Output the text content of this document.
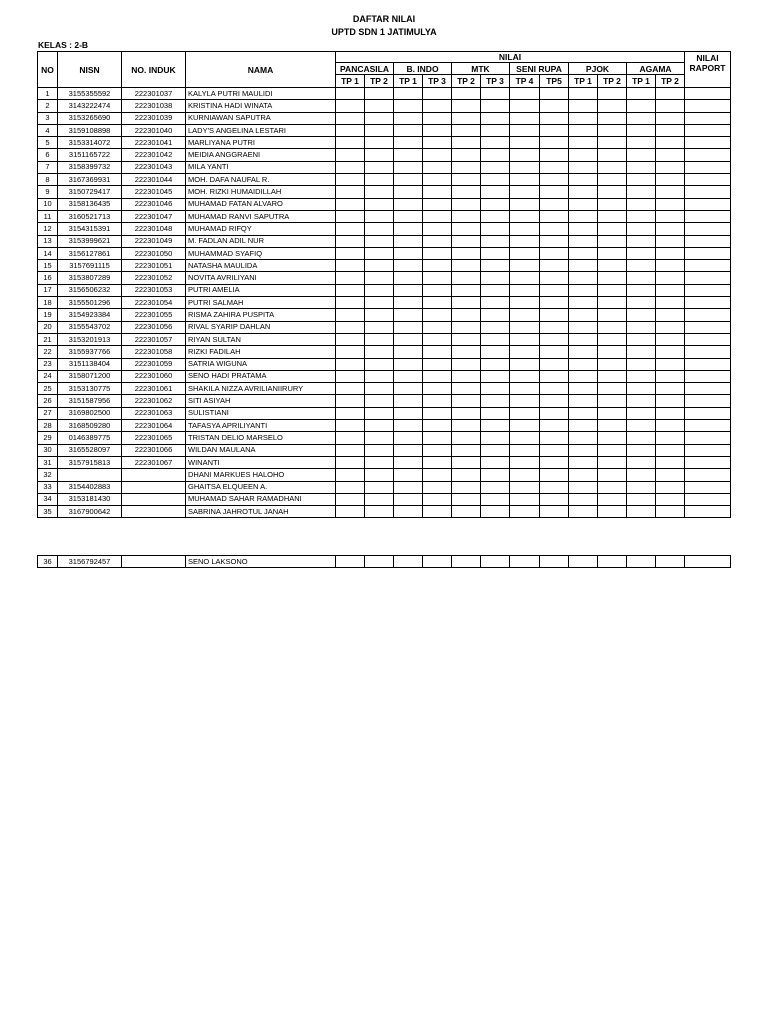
DAFTAR NILAI
UPTD SDN 1 JATIMULYA
KELAS : 2-B
NO	NISN	NO. INDUK	NAMA	NILAI												NILAI
RAPORT

				PANCASILA		B. INDO		MTK		SENI RUPA		PJOK		AGAMA		
				TP 1	TP 2	TP 1	TP 3	TP 2	TP 3	TP 4	TP5	TP 1	TP 2	TP 1	TP 2	
1	3155355592	222301037	KALYLA PUTRI MAULIDI													
2	3143222474	222301038	KRISTINA HADI WINATA													
3	3153265690	222301039	KURNIAWAN SAPUTRA													
4	3159108898	222301040	LADY'S ANGELINA LESTARI													
5	3153314072	222301041	MARLIYANA PUTRI													
6	3151165722	222301042	MEIDIA ANGGRAENI													
7	3158399732	222301043	MILA YANTI													
8	3167369931	222301044	MOH. DAFA NAUFAL R.													
9	3150729417	222301045	MOH. RIZKI HUMAIDILLAH													
10	3158136435	222301046	MUHAMAD FATAN ALVARO													
11	3160521713	222301047	MUHAMAD RANVI SAPUTRA													
12	3154315391	222301048	MUHAMAD RIFQY													
13	3153999621	222301049	M. FADLAN ADIL NUR													
14	3156127861	222301050	MUHAMMAD SYAFIQ													
15	3157691115	222301051	NATASHA MAULIDA													
16	3153807289	222301052	NOVITA AVRILIYANI													
17	3156506232	222301053	PUTRI AMELIA													
18	3155501296	222301054	PUTRI SALMAH													
19	3154923384	222301055	RISMA ZAHIRA PUSPITA													
20	3155543702	222301056	RIVAL SYARIP DAHLAN													
21	3153201913	222301057	RIYAN SULTAN													
22	3155937766	222301058	RIZKI FADILAH													
23	3151138404	222301059	SATRIA WIGUNA													
24	3158071200	222301060	SENO HADI PRATAMA													
25	3153130775	222301061	SHAKILA NIZZA AVRILIANIIRURY													
26	3151587956	222301062	SITI ASIYAH													
27	3169802500	222301063	SULISTIANI													
28	3168509280	222301064	TAFASYA APRILIYANTI													
29	0146389775	222301065	TRISTAN DELIO MARSELO													
30	3165528097	222301066	WILDAN MAULANA													
31	3157915813	222301067	WINANTI													
32			DHANI MARKUES HALOHO													
33	3154402883		GHAITSA ELQUEEN A.													
34	3153181430		MUHAMAD SAHAR RAMADHANI													
35	3167900642		SABRINA JAHROTUL JANAH													
36	3156792457		SENO LAKSONO													
